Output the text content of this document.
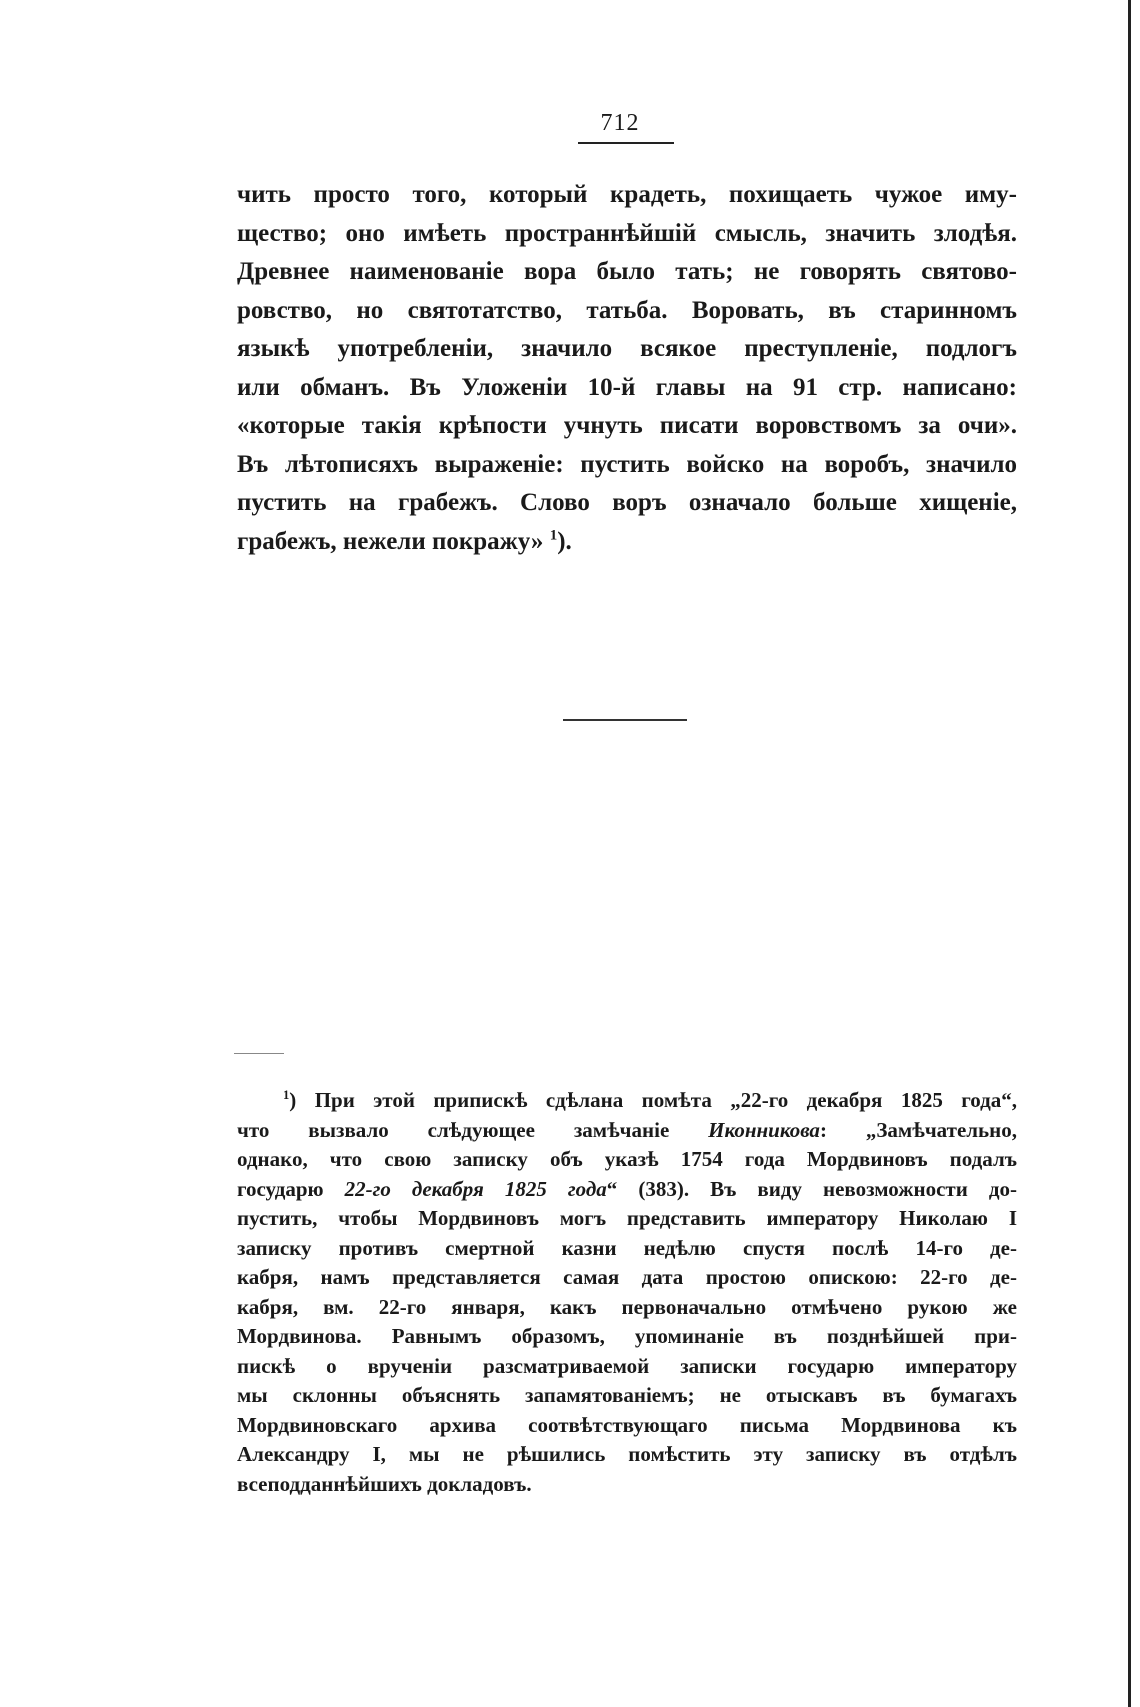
712
чить просто того, который крадеть, похищаеть чужое иму-
щество; оно имѣеть пространнѣйшій смысль, значить злодѣя.
Древнее наименованіе вора было тать; не говорять святово-
ровство, но святотатство, татьба. Воровать, въ старинномъ
языкѣ употребленіи, значило всякое преступленіе, подлогъ
или обманъ. Въ Уложеніи 10-й главы на 91 стр. написано:
«которые такія крѣпости учнуть писати воровствомъ за очи».
Въ лѣтописяхъ выраженіе: пустить войско на воробъ, значило
пустить на грабежъ. Слово воръ означало больше хищеніе,
грабежъ, нежели покражу» $^1$).
$^1$) При этой припискѣ сдѣлана помѣта „22-го декабря 1825 года“,
что вызвало слѣдующее замѣчаніе Иконникова: „Замѣчательно,
однако, что свою записку объ указѣ 1754 года Мордвиновъ подалъ
государю 22-го декабря 1825 года“ (383). Въ виду невозможности до-
пустить, чтобы Мордвиновъ могъ представить императору Николаю I
записку противъ смертной казни недѣлю спустя послѣ 14-го де-
кабря, намъ представляется самая дата простою опискою: 22-го де-
кабря, вм. 22-го января, какъ первоначально отмѣчено рукою же
Мордвинова. Равнымъ образомъ, упоминаніе въ позднѣйшей при-
пискѣ о врученіи разсматриваемой записки государю императору
мы склонны объяснять запамятованіемъ; не отыскавъ въ бумагахъ
Мордвиновскаго архива соотвѣтствующаго письма Мордвинова къ
Александру I, мы не рѣшились помѣстить эту записку въ отдѣлъ
всеподданнѣйшихъ докладовъ.
